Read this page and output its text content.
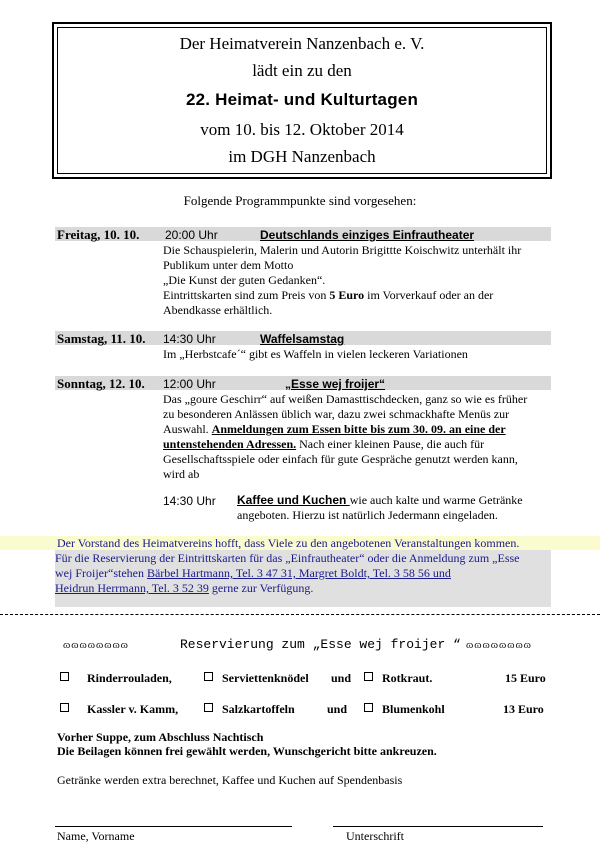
Der Heimatverein Nanzenbach e. V.
lädt ein zu den
22. Heimat- und Kulturtagen
vom 10. bis 12. Oktober 2014
im DGH Nanzenbach
Folgende Programmpunkte sind vorgesehen:
Freitag, 10. 10. 20:00 Uhr	Deutschlands einziges Einfrautheater
Die Schauspielerin, Malerin und Autorin Brigittte Koischwitz unterhält ihr
Publikum unter dem Motto
„Die Kunst der guten Gedanken“.
Eintrittskarten sind zum Preis von 5 Euro im Vorverkauf oder an der
Abendkasse erhältlich.
Samstag, 11. 10. 14:30 Uhr	Waffelsamstag
Im „Herbstcafe´“ gibt es Waffeln in vielen leckeren Variationen
Sonntag, 12. 10. 12:00 Uhr	„Esse wej froijer“
Das „goure Geschirr“ auf weißen Damasttischdecken, ganz so wie es früher
zu besonderen Anlässen üblich war, dazu zwei schmackhafte Menüs zur
Auswahl. Anmeldungen zum Essen bitte bis zum 30. 09. an eine der
untenstehenden Adressen. Nach einer kleinen Pause, die auch für
Gesellschaftsspiele oder einfach für gute Gespräche genutzt werden kann,
wird ab
14:30 Uhr Kaffee und Kuchen wie auch kalte und warme Getränke
angeboten. Hierzu ist natürlich Jedermann eingeladen.
Der Vorstand des Heimatvereins hofft, dass Viele zu den angebotenen Veranstaltungen kommen.
Für die Reservierung der Eintrittskarten für das „Einfrautheater“ oder die Anmeldung zum „Esse
wej Froijer“stehen Bärbel Hartmann, Tel. 3 47 31, Margret Boldt, Tel. 3 58 56 und
Heidrun Herrmann, Tel. 3 52 39 gerne zur Verfügung.
ɷɷɷɷɷɷɷɷ	Reservierung zum „Esse wej froijer “ ɷɷɷɷɷɷɷɷ
Rinderrouladen,	Serviettenknödel und	Rotkraut.	15 Euro
Kassler v. Kamm,	Salzkartoffeln	und	Blumenkohl	13 Euro
Vorher Suppe, zum Abschluss Nachtisch
Die Beilagen können frei gewählt werden, Wunschgericht bitte ankreuzen.
Getränke werden extra berechnet, Kaffee und Kuchen auf Spendenbasis
Name, Vorname	Unterschrift
